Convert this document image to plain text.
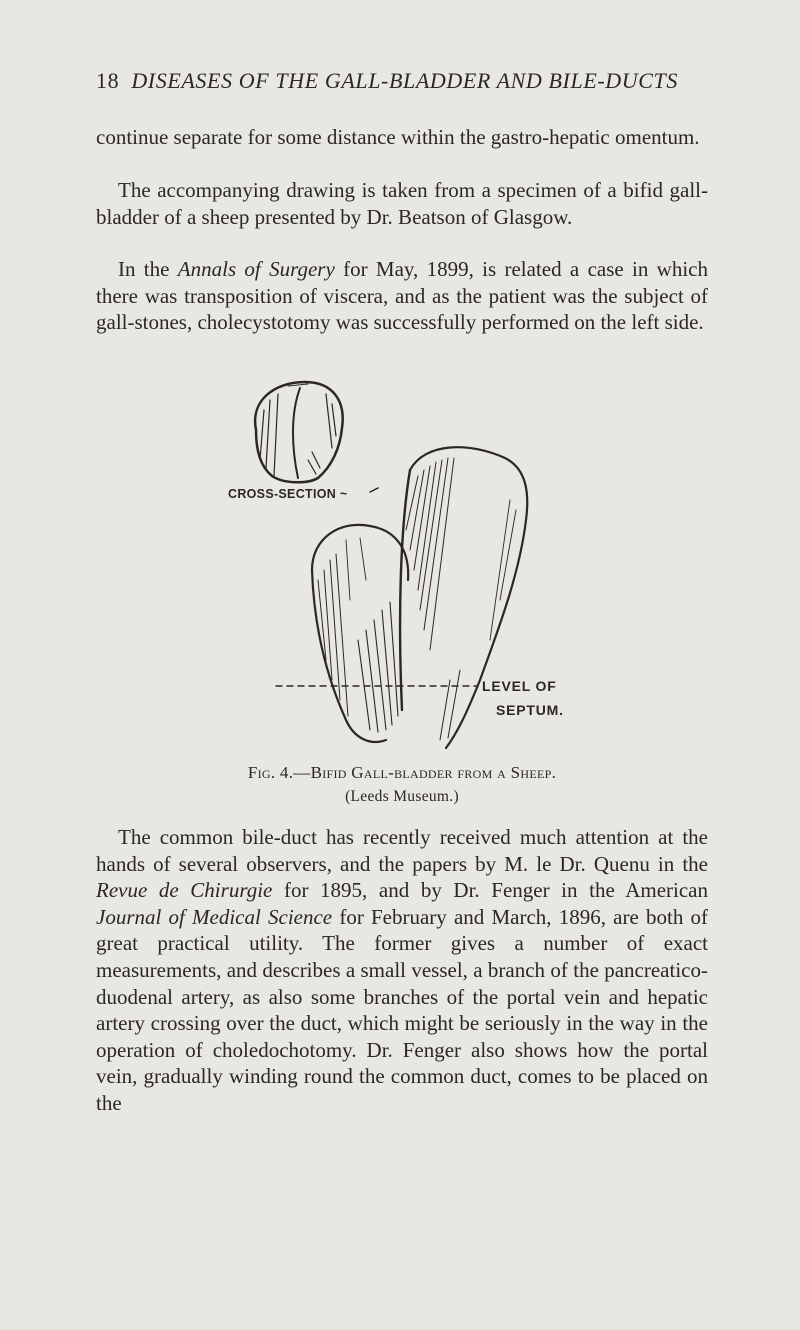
18 DISEASES OF THE GALL-BLADDER AND BILE-DUCTS

continue separate for some distance within the gastro-hepatic omentum.

The accompanying drawing is taken from a specimen of a bifid gall-bladder of a sheep presented by Dr. Beatson of Glasgow.

In the Annals of Surgery for May, 1899, is related a case in which there was transposition of viscera, and as the patient was the subject of gall-stones, cholecystotomy was successfully performed on the left side.

CROSS-SECTION ~
LEVEL OF
SEPTUM.
Fig. 4.—Bifid Gall-bladder from a Sheep.
(Leeds Museum.)

The common bile-duct has recently received much attention at the hands of several observers, and the papers by M. le Dr. Quenu in the Revue de Chirurgie for 1895, and by Dr. Fenger in the American Journal of Medical Science for February and March, 1896, are both of great practical utility. The former gives a number of exact measurements, and describes a small vessel, a branch of the pancreatico-duodenal artery, as also some branches of the portal vein and hepatic artery crossing over the duct, which might be seriously in the way in the operation of choledochotomy. Dr. Fenger also shows how the portal vein, gradually winding round the common duct, comes to be placed on the
